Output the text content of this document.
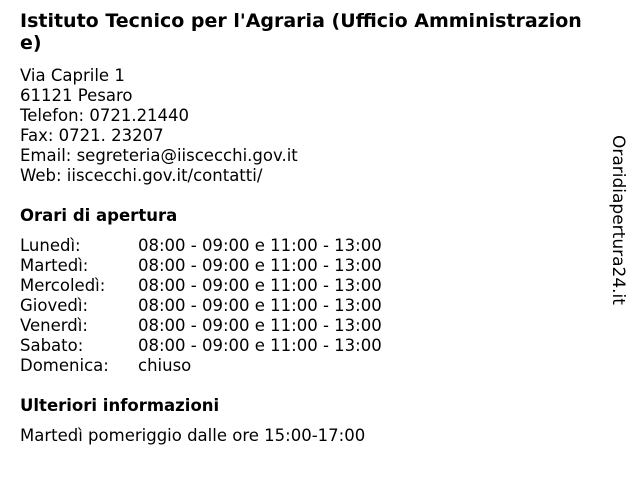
Istituto Tecnico per l'Agraria (Ufficio Amministrazione)
Via Caprile 1
61121 Pesaro
Telefon: 0721.21440
Fax: 0721. 23207
Email: segreteria@iiscecchi.gov.it
Web: iiscecchi.gov.it/contatti/
Orari di apertura
Lunedì:	08:00 - 09:00 e 11:00 - 13:00
Martedì:	08:00 - 09:00 e 11:00 - 13:00
Mercoledì:	08:00 - 09:00 e 11:00 - 13:00
Giovedì:	08:00 - 09:00 e 11:00 - 13:00
Venerdì:	08:00 - 09:00 e 11:00 - 13:00
Sabato:	08:00 - 09:00 e 11:00 - 13:00
Domenica:	chiuso
Ulteriori informazioni
Martedì pomeriggio dalle ore 15:00-17:00
Oraridiapertura24.it
